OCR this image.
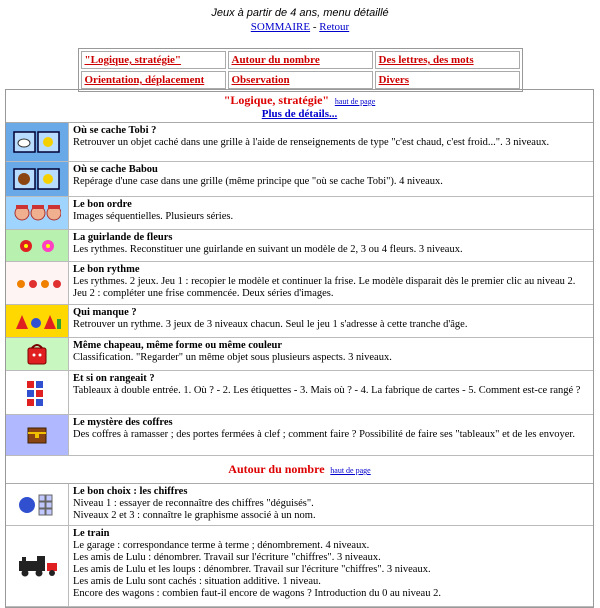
Jeux à partir de 4 ans, menu détaillé
SOMMAIRE - Retour
"Logique, stratégie"	Autour du nombre	Des lettres, des mots
Orientation, déplacement	Observation	Divers
"Logique, stratégie" haut de page
Plus de détails...
Où se cache Tobi ?
Retrouver un objet caché dans une grille à l'aide de renseignements de type "c'est chaud, c'est froid...". 3 niveaux.
Où se cache Babou
Repérage d'une case dans une grille (même principe que "où se cache Tobi"). 4 niveaux.
Le bon ordre
Images séquentielles. Plusieurs séries.
La guirlande de fleurs
Les rythmes. Reconstituer une guirlande en suivant un modèle de 2, 3 ou 4 fleurs. 3 niveaux.
Le bon rythme
Les rythmes. 2 jeux. Jeu 1 : recopier le modèle et continuer la frise. Le modèle disparait dès le premier clic au niveau 2. Jeu 2 : compléter une frise commencée. Deux séries d'images.
Qui manque ?
Retrouver un rythme. 3 jeux de 3 niveaux chacun. Seul le jeu 1 s'adresse à cette tranche d'âge.
Même chapeau, même forme ou même couleur
Classification. "Regarder" un même objet sous plusieurs aspects. 3 niveaux.
Et si on rangeait ?
Tableaux à double entrée. 1. Où ? - 2. Les étiquettes - 3. Mais où ? - 4. La fabrique de cartes - 5. Comment est-ce rangé ?
Le mystère des coffres
Des coffres à ramasser ; des portes fermées à clef ; comment faire ? Possibilité de faire ses "tableaux" et de les envoyer.
Autour du nombre haut de page
Le bon choix : les chiffres
Niveau 1 : essayer de reconnaître des chiffres "déguisés".
Niveaux 2 et 3 : connaître le graphisme associé à un nom.
Le train
Le garage : correspondance terme à terme ; dénombrement. 4 niveaux.
Les amis de Lulu : dénombrer. Travail sur l'écriture "chiffres". 3 niveaux.
Les amis de Lulu et les loups : dénombrer. Travail sur l'écriture "chiffres". 3 niveaux.
Les amis de Lulu sont cachés : situation additive. 1 niveau.
Encore des wagons : combien faut-il encore de wagons ? Introduction du 0 au niveau 2.
